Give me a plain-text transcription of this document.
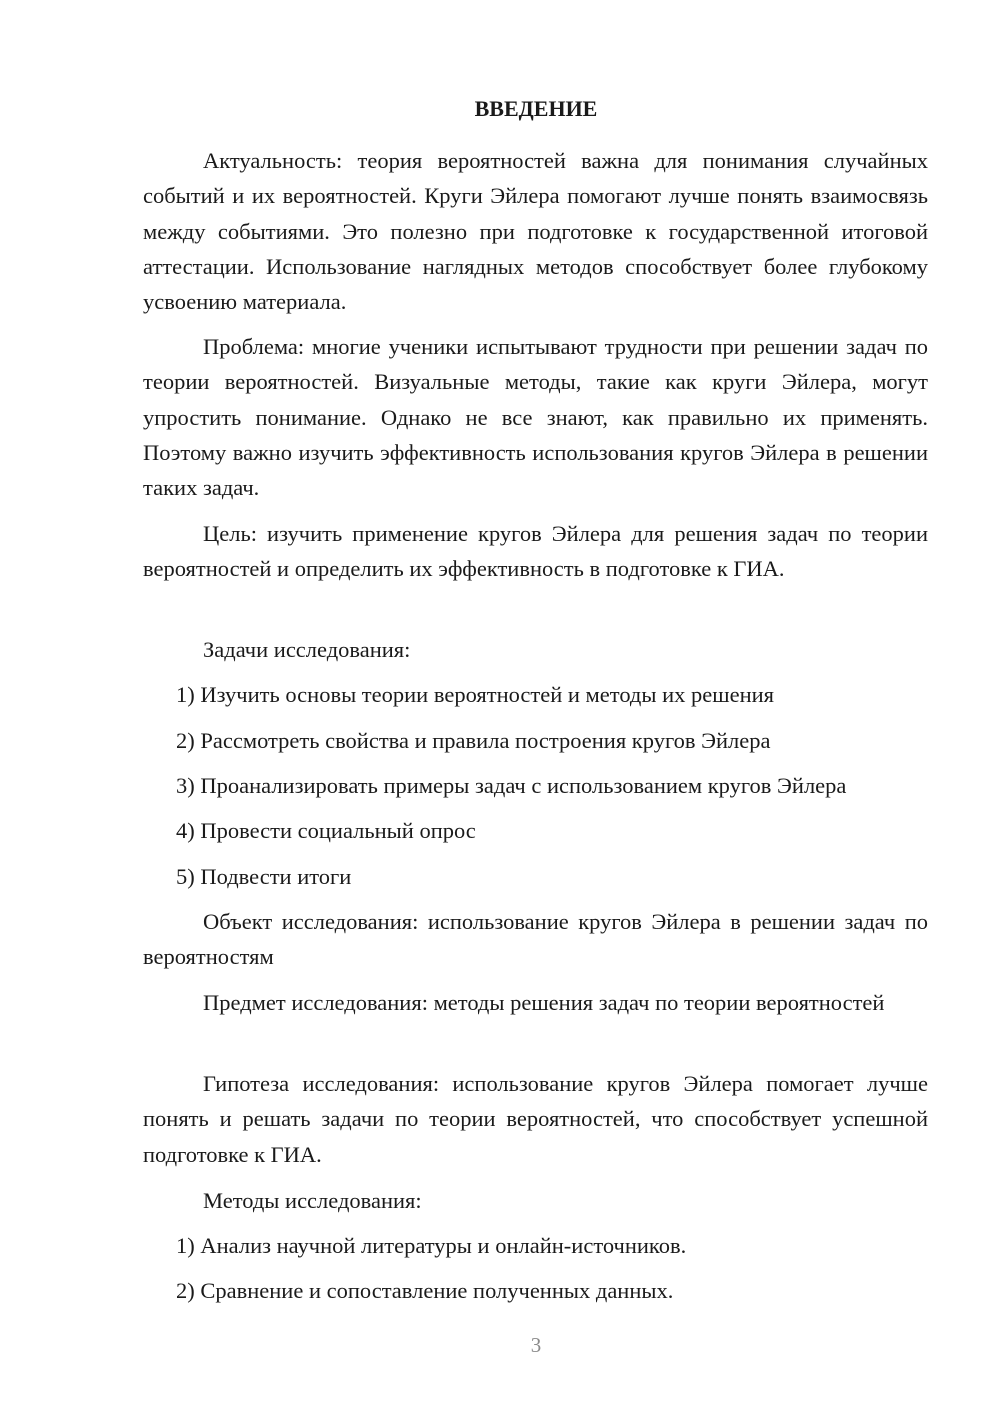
ВВЕДЕНИЕ

Актуальность: теория вероятностей важна для понимания случайных событий и их вероятностей. Круги Эйлера помогают лучше понять взаимосвязь между событиями. Это полезно при подготовке к государственной итоговой аттестации. Использование наглядных методов способствует более глубокому усвоению материала.

Проблема: многие ученики испытывают трудности при решении задач по теории вероятностей. Визуальные методы, такие как круги Эйлера, могут упростить понимание. Однако не все знают, как правильно их применять. Поэтому важно изучить эффективность использования кругов Эйлера в решении таких задач.

Цель: изучить применение кругов Эйлера для решения задач по теории вероятностей и определить их эффективность в подготовке к ГИА.

Задачи исследования:

1) Изучить основы теории вероятностей и методы их решения

2) Рассмотреть свойства и правила построения кругов Эйлера

3) Проанализировать примеры задач с использованием кругов Эйлера

4) Провести социальный опрос

5) Подвести итоги

Объект исследования: использование кругов Эйлера в решении задач по вероятностям

Предмет исследования: методы решения задач по теории вероятностей

Гипотеза исследования: использование кругов Эйлера помогает лучше понять и решать задачи по теории вероятностей, что способствует успешной подготовке к ГИА.

Методы исследования:

1) Анализ научной литературы и онлайн-источников.

2) Сравнение и сопоставление полученных данных.

3
